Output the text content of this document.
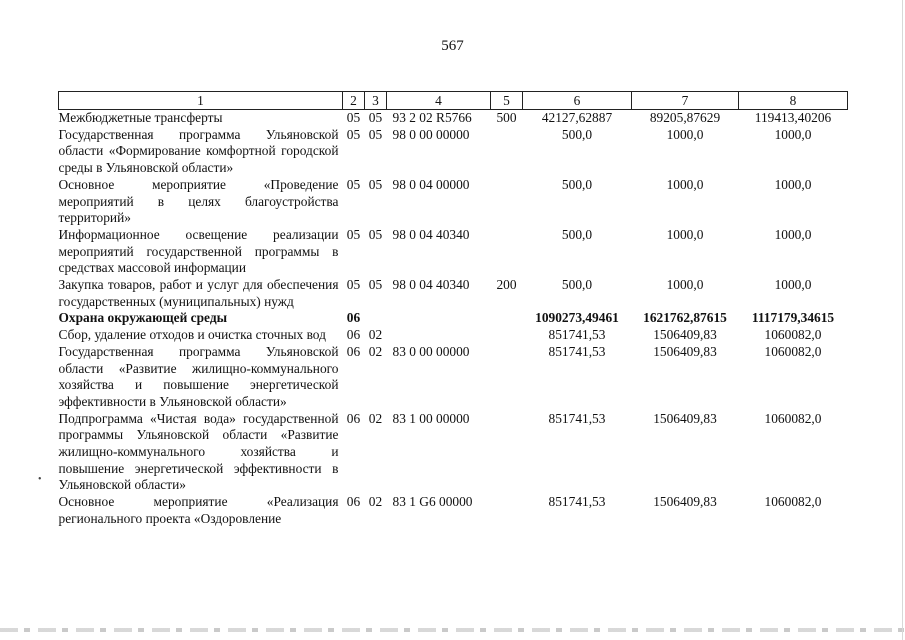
567
1	2	3	4	5	6	7	8
Межбюджетные трансферты	05	05	93 2 02 R5766	500	42127,62887	89205,87629	119413,40206
Государственная программа Ульяновской области «Формирование комфортной городской среды в Ульяновской области»	05	05	98 0 00 00000		500,0	1000,0	1000,0
Основное мероприятие «Проведение мероприятий в целях благоустройства территорий»	05	05	98 0 04 00000		500,0	1000,0	1000,0
Информационное освещение реализации мероприятий государственной программы в средствах массовой информации	05	05	98 0 04 40340		500,0	1000,0	1000,0
Закупка товаров, работ и услуг для обеспечения государственных (муниципальных) нужд	05	05	98 0 04 40340	200	500,0	1000,0	1000,0
Охрана окружающей среды	06				1090273,49461	1621762,87615	1117179,34615
Сбор, удаление отходов и очистка сточных вод	06	02			851741,53	1506409,83	1060082,0
Государственная программа Ульяновской области «Развитие жилищно-коммунального хозяйства и повышение энергетической эффективности в Ульяновской области»	06	02	83 0 00 00000		851741,53	1506409,83	1060082,0
Подпрограмма «Чистая вода» государственной программы Ульяновской области «Развитие жилищно-коммунального хозяйства и повышение энергетической эффективности в Ульяновской области»	06	02	83 1 00 00000		851741,53	1506409,83	1060082,0
Основное мероприятие «Реализация регионального проекта «Оздоровление	06	02	83 1 G6 00000		851741,53	1506409,83	1060082,0
•
